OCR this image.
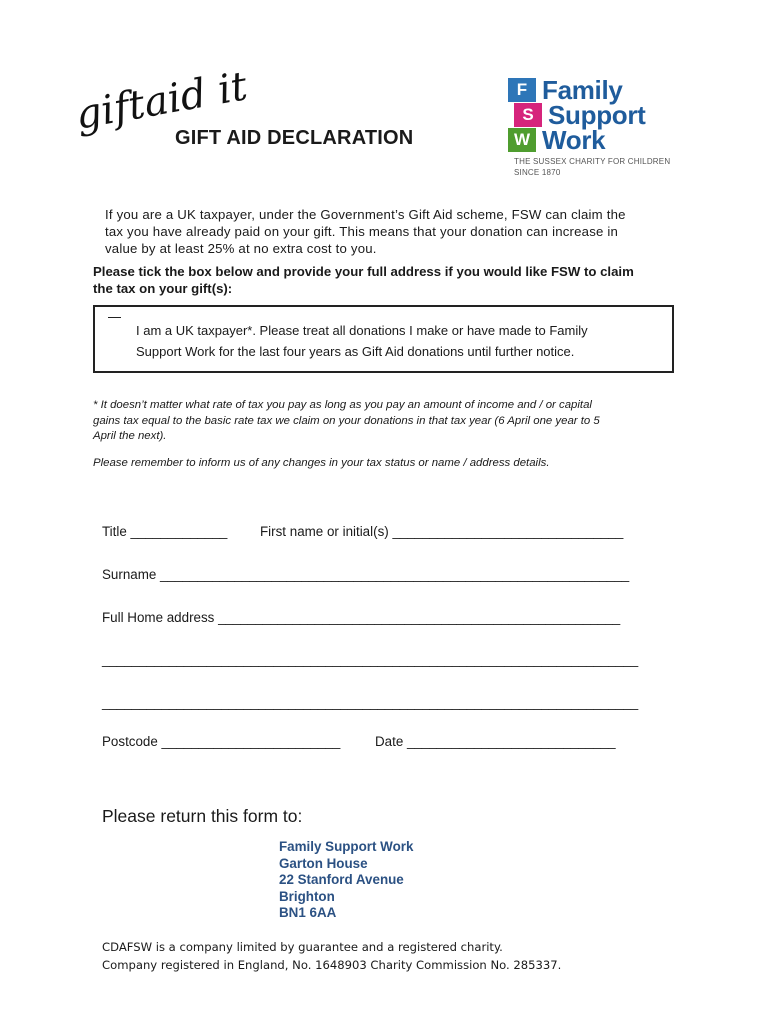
giftaid it
GIFT AID DECLARATION
F Family
S Support
W Work
THE SUSSEX CHARITY FOR CHILDREN
SINCE 1870
If you are a UK taxpayer, under the Government’s Gift Aid scheme, FSW can claim the
tax you have already paid on your gift. This means that your donation can increase in
value by at least 25% at no extra cost to you.
Please tick the box below and provide your full address if you would like FSW to claim
the tax on your gift(s):
I am a UK taxpayer*. Please treat all donations I make or have made to Family
Support Work for the last four years as Gift Aid donations until further notice.
* It doesn’t matter what rate of tax you pay as long as you pay an amount of income and / or capital
gains tax equal to the basic rate tax we claim on your donations in that tax year (6 April one year to 5
April the next).
Please remember to inform us of any changes in your tax status or name / address details.
Title _____________ First name or initial(s) _______________________________
Surname _______________________________________________________________
Full Home address ______________________________________________________
________________________________________________________________________
________________________________________________________________________
Postcode ________________________	Date ____________________________
Please return this form to:
Family Support Work
Garton House
22 Stanford Avenue
Brighton
BN1 6AA
CDAFSW is a company limited by guarantee and a registered charity.
Company registered in England, No. 1648903 Charity Commission No. 285337.
